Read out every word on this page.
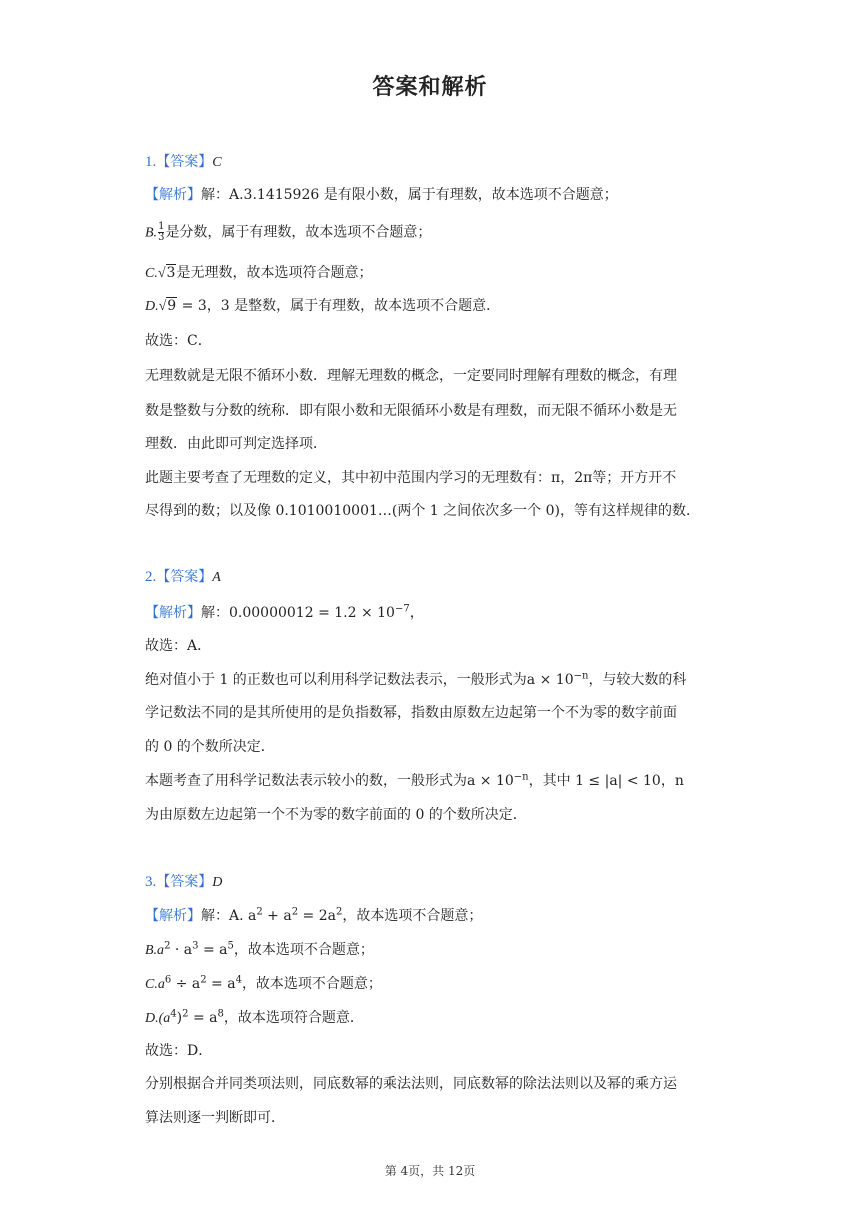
答案和解析
1.【答案】C
【解析】解：A.3.1415926 是有限小数，属于有理数，故本选项不合题意；
B. $\frac{1}{3}$ 是分数，属于有理数，故本选项不合题意；
C.√3是无理数，故本选项符合题意；
D.√9 = 3，3 是整数，属于有理数，故本选项不合题意．
故选：C．
无理数就是无限不循环小数．理解无理数的概念，一定要同时理解有理数的概念，有理
数是整数与分数的统称．即有限小数和无限循环小数是有理数，而无限不循环小数是无
理数．由此即可判定选择项．
此题主要考查了无理数的定义，其中初中范围内学习的无理数有：π，2π等；开方开不
尽得到的数；以及像 0.1010010001…(两个 1 之间依次多一个 0)，等有这样规律的数．
2.【答案】A
【解析】解：$0.00000012 = 1.2 \times 10^{-7}$，
故选：A．
绝对值小于 1 的正数也可以利用科学记数法表示，一般形式为$a \times 10^{-n}$，与较大数的科
学记数法不同的是其所使用的是负指数幂，指数由原数左边起第一个不为零的数字前面
的 0 的个数所决定．
本题考查了用科学记数法表示较小的数，一般形式为$a \times 10^{-n}$，其中 1 ≤ |a| < 10，n
为由原数左边起第一个不为零的数字前面的 0 的个数所决定．
3.【答案】D
【解析】解：A. $a^2 + a^2 = 2a^2$，故本选项不合题意；
$B.a^2 \cdot a^3 = a^5$，故本选项不合题意；
$C.a^6 \div a^2 = a^4$，故本选项不合题意；
$D.(a^4)^2 = a^8$，故本选项符合题意．
故选：D．
分别根据合并同类项法则，同底数幂的乘法法则，同底数幂的除法法则以及幂的乘方运
算法则逐一判断即可．
第 4页，共 12页
